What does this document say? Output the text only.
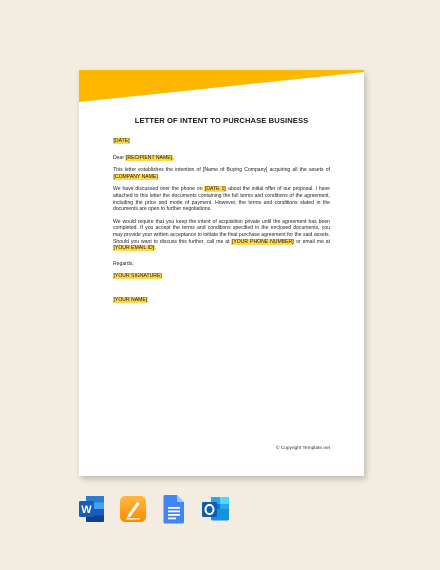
LETTER OF INTENT TO PURCHASE BUSINESS

[DATE]

Dear [RECIPIENT NAME],

This letter establishes the intention of [Name of Buying Company] acquiring all the assets of [COMPANY NAME].

We have discussed over the phone on [DATE 1] about the initial offer of our proposal. I have attached to this letter the documents containing the full terms and conditions of the agreement, including the price and mode of payment. However, the terms and conditions stated in the documents are open to further negotiations.

We would require that you keep the intent of acquisition private until the agreement has been completed. If you accept the terms and conditions specified in the enclosed documents, you may provide your written acceptance to initiate the final purchase agreement for the said assets. Should you want to discuss this further, call me at [YOUR PHONE NUMBER] or email me at [YOUR EMAIL ID].

Regards,

[YOUR SIGNATURE]

[YOUR NAME]

© Copyright Template.net
W
